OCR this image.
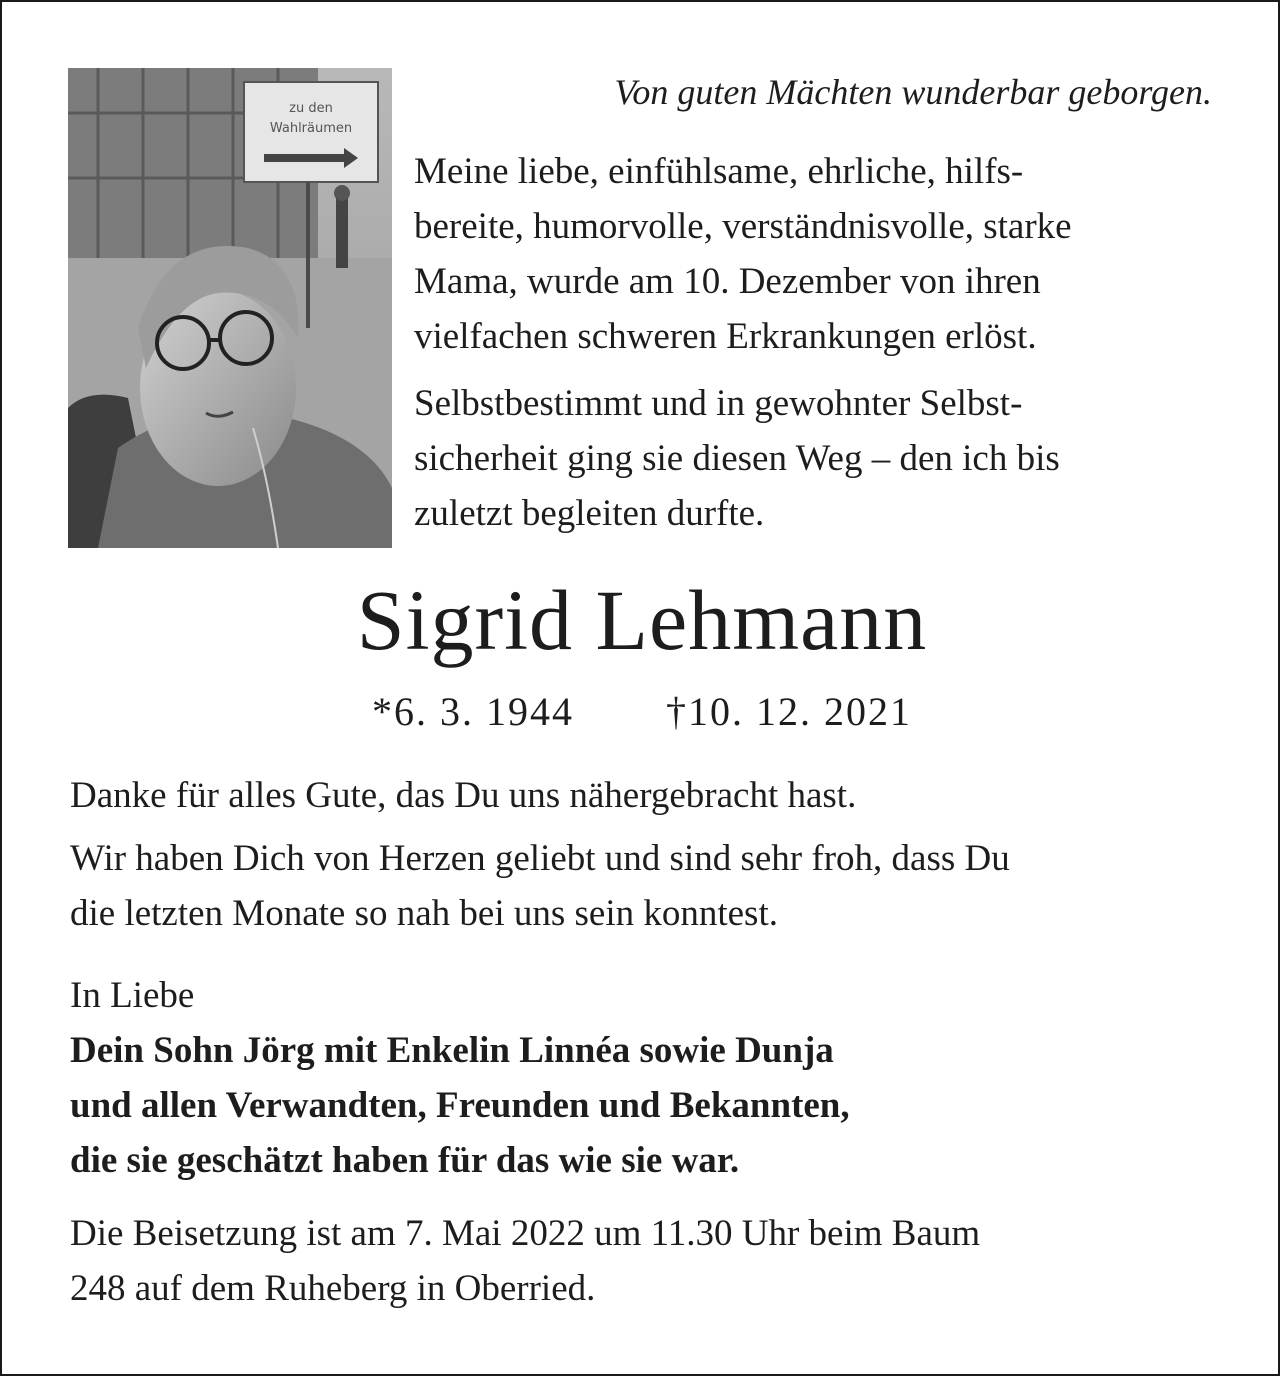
zu den
Wahlräumen
Von guten Mächten wunderbar geborgen.

Meine liebe, einfühlsame, ehrliche, hilfs-
bereite, humorvolle, verständnisvolle, starke
Mama, wurde am 10. Dezember von ihren
vielfachen schweren Erkrankungen erlöst.

Selbstbestimmt und in gewohnter Selbst-
sicherheit ging sie diesen Weg – den ich bis
zuletzt begleiten durfte.

Sigrid Lehmann
*6. 3. 1944 †10. 12. 2021

Danke für alles Gute, das Du uns nähergebracht hast.

Wir haben Dich von Herzen geliebt und sind sehr froh, dass Du
die letzten Monate so nah bei uns sein konntest.

In Liebe
Dein Sohn Jörg mit Enkelin Linnéa sowie Dunja
und allen Verwandten, Freunden und Bekannten,
die sie geschätzt haben für das wie sie war.
Die Beisetzung ist am 7. Mai 2022 um 11.30 Uhr beim Baum
248 auf dem Ruheberg in Oberried.
